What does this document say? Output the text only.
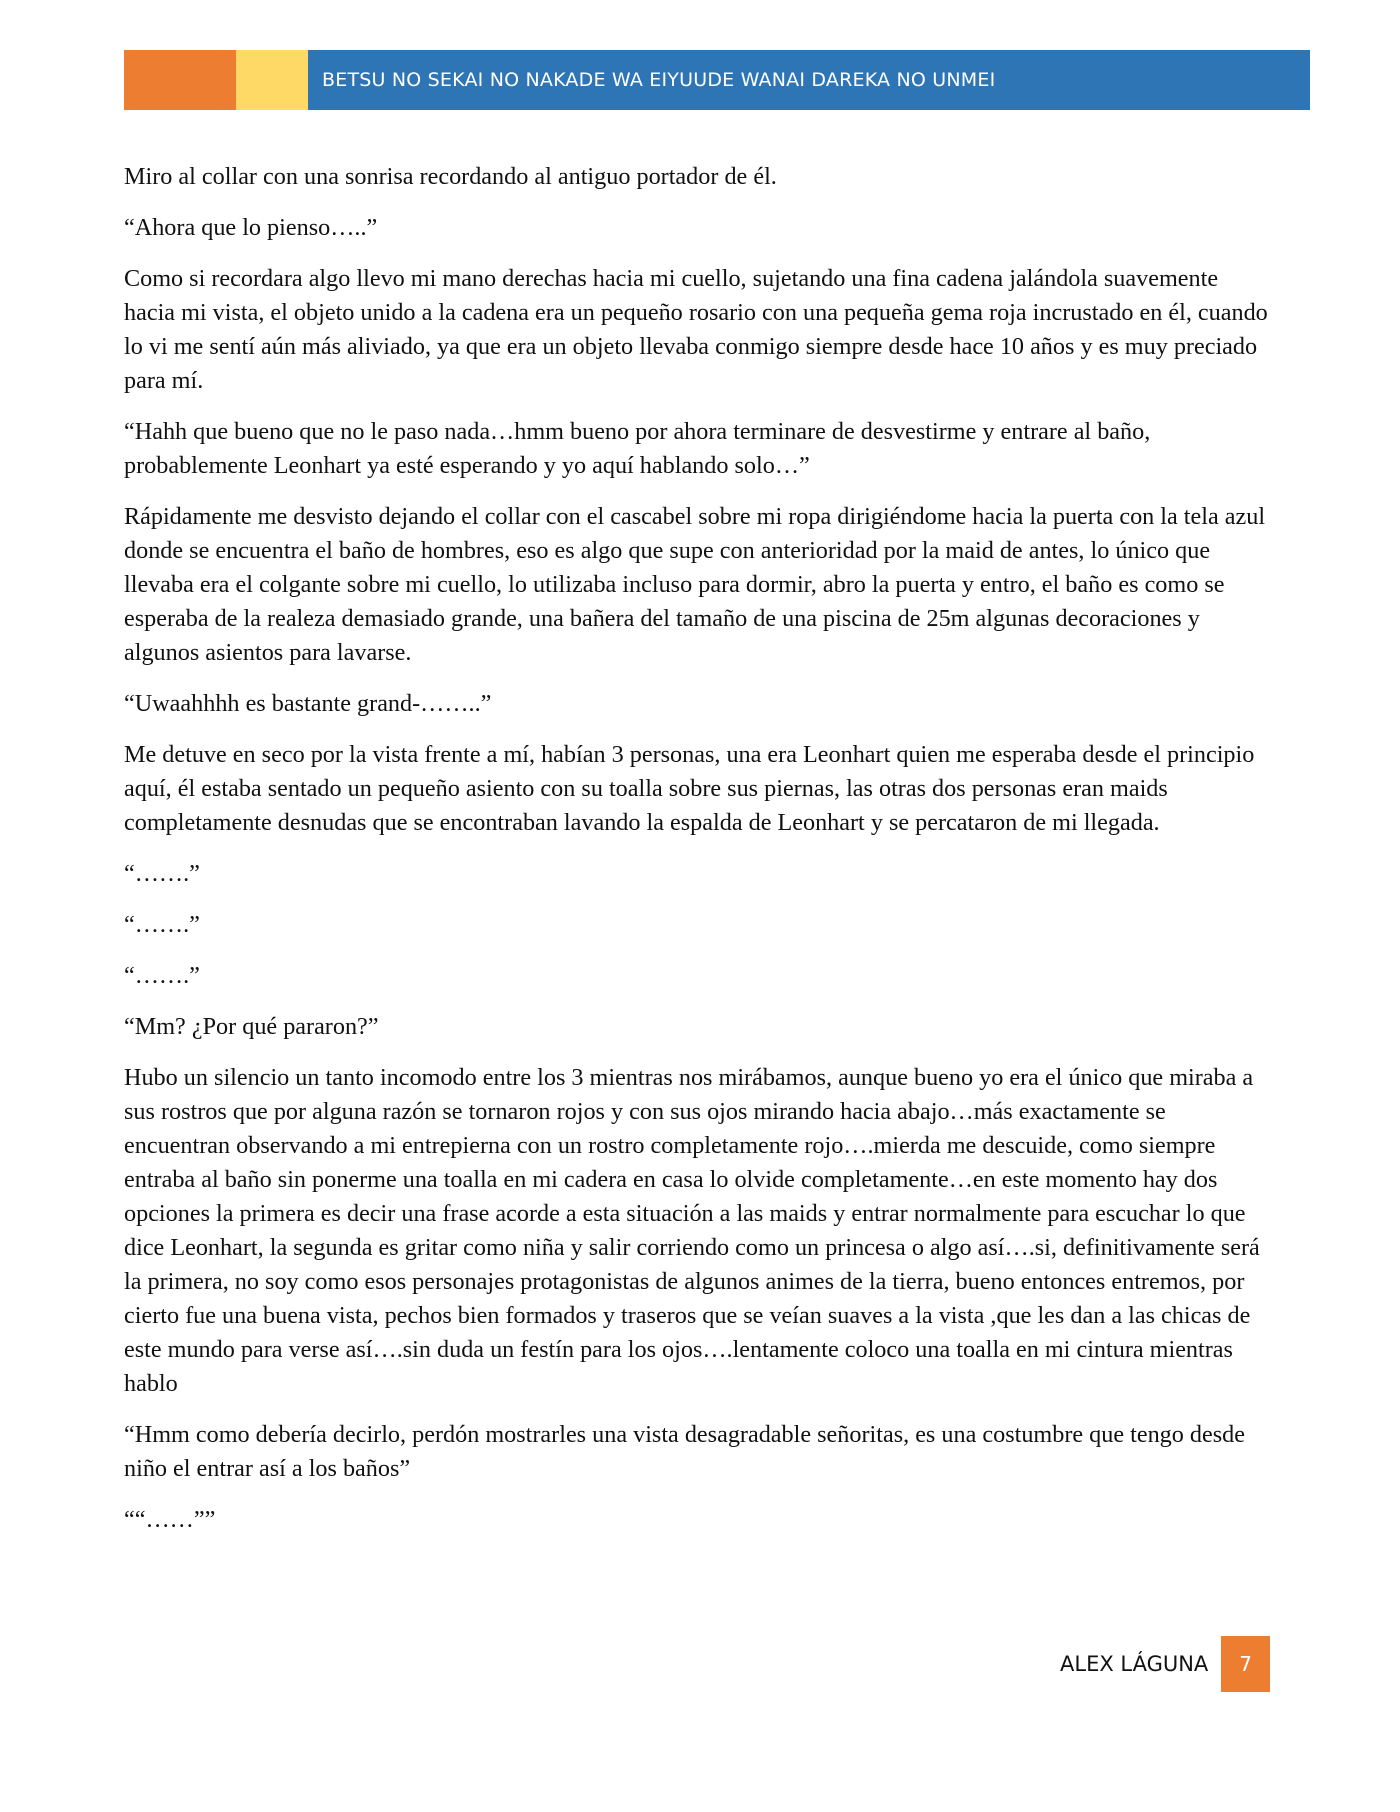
BETSU NO SEKAI NO NAKADE WA EIYUUDE WANAI DAREKA NO UNMEI

Miro al collar con una sonrisa recordando al antiguo portador de él.

“Ahora que lo pienso…..”

Como si recordara algo llevo mi mano derechas hacia mi cuello, sujetando una fina cadena jalándola suavemente hacia mi vista, el objeto unido a la cadena era un pequeño rosario con una pequeña gema roja incrustado en él, cuando lo vi me sentí aún más aliviado, ya que era un objeto llevaba conmigo siempre desde hace 10 años y es muy preciado para mí.

“Hahh que bueno que no le paso nada…hmm bueno por ahora terminare de desvestirme y entrare al baño, probablemente Leonhart ya esté esperando y yo aquí hablando solo…”

Rápidamente me desvisto dejando el collar con el cascabel sobre mi ropa dirigiéndome hacia la puerta con la tela azul donde se encuentra el baño de hombres, eso es algo que supe con anterioridad por la maid de antes, lo único que llevaba era el colgante sobre mi cuello, lo utilizaba incluso para dormir, abro la puerta y entro, el baño es como se esperaba de la realeza demasiado grande, una bañera del tamaño de una piscina de 25m algunas decoraciones y algunos asientos para lavarse.

“Uwaahhhh es bastante grand-……..”

Me detuve en seco por la vista frente a mí, habían 3 personas, una era Leonhart quien me esperaba desde el principio aquí, él estaba sentado un pequeño asiento con su toalla sobre sus piernas, las otras dos personas eran maids completamente desnudas que se encontraban lavando la espalda de Leonhart y se percataron de mi llegada.

“…….”

“…….”

“…….”

“Mm? ¿Por qué pararon?”

Hubo un silencio un tanto incomodo entre los 3 mientras nos mirábamos, aunque bueno yo era el único que miraba a sus rostros que por alguna razón se tornaron rojos y con sus ojos mirando hacia abajo…más exactamente se encuentran observando a mi entrepierna con un rostro completamente rojo….mierda me descuide, como siempre entraba al baño sin ponerme una toalla en mi cadera en casa lo olvide completamente…en este momento hay dos opciones la primera es decir una frase acorde a esta situación a las maids y entrar normalmente para escuchar lo que dice Leonhart, la segunda es gritar como niña y salir corriendo como un princesa o algo así….si, definitivamente será la primera, no soy como esos personajes protagonistas de algunos animes de la tierra, bueno entonces entremos, por cierto fue una buena vista, pechos bien formados y traseros que se veían suaves a la vista ,que les dan a las chicas de este mundo para verse así….sin duda un festín para los ojos….lentamente coloco una toalla en mi cintura mientras hablo

“Hmm como debería decirlo, perdón mostrarles una vista desagradable señoritas, es una costumbre que tengo desde niño el entrar así a los baños”

““……””

ALEX LÁGUNA	7
